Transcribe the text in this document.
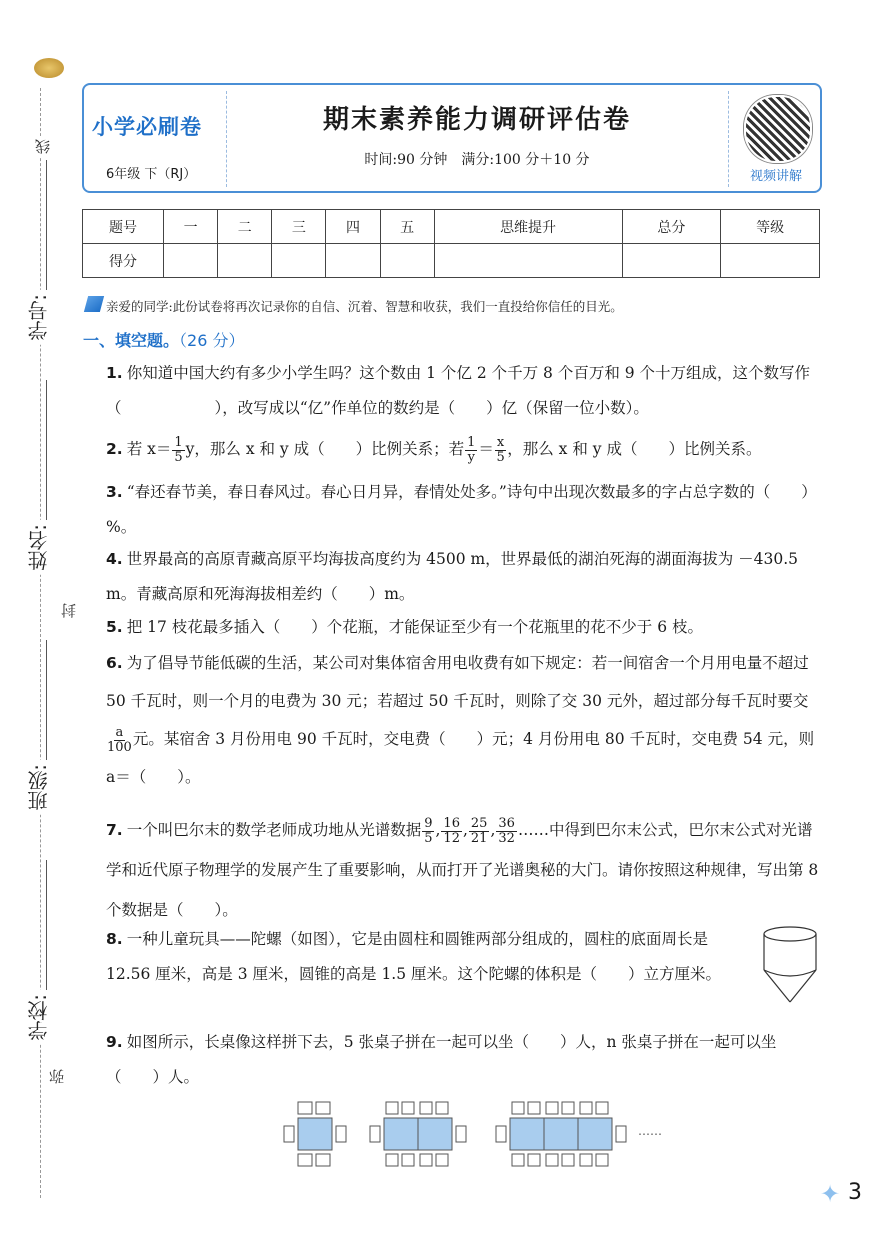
线
学号:
姓名:
封
班级:
学校:
弥
小学必刷卷
6年级 下（RJ）
期末素养能力调研评估卷
时间:90 分钟　满分:100 分＋10 分
视频讲解
题号	一	二	三	四	五	思维提升	总分	等级
得分								
亲爱的同学:此份试卷将再次记录你的自信、沉着、智慧和收获，我们一直投给你信任的目光。
一、填空题。（26 分）
1. 你知道中国大约有多少小学生吗？这个数由 1 个亿 2 个千万 8 个百万和 9 个十万组成，这个数写作（　　　　　　），改写成以“亿”作单位的数约是（　　）亿（保留一位小数）。
2. 若 $x= \frac{1}{5}$ y，那么 x 和 y 成（　　）比例关系；若 $\frac{1}{y} = \frac{x}{5}$ ，那么 x 和 y 成（　　）比例关系。
3. “春还春节美，春日春风过。春心日月异，春情处处多。”诗句中出现次数最多的字占总字数的（　　）%。
4. 世界最高的高原青藏高原平均海拔高度约为 4500 m，世界最低的湖泊死海的湖面海拔为 －430.5 m。青藏高原和死海海拔相差约（　　）m。
5. 把 17 枝花最多插入（　　）个花瓶，才能保证至少有一个花瓶里的花不少于 6 枝。
6. 为了倡导节能低碳的生活，某公司对集体宿舍用电收费有如下规定：若一间宿舍一个月用电量不超过 50 千瓦时，则一个月的电费为 30 元；若超过 50 千瓦时，则除了交 30 元外，超过部分每千瓦时要交
$\frac{a}{100}$ 元。某宿舍 3 月份用电 90 千瓦时，交电费（　　）元；4 月份用电 80 千瓦时，交电费 54 元，则 a＝（　　）。
7. 一个叫巴尔末的数学老师成功地从光谱数据 $\frac{9}{5}$ , $\frac{16}{12}$ , $\frac{25}{21}$ , $\frac{36}{32}$ ……中得到巴尔末公式，巴尔末公式对光谱学和近代原子物理学的发展产生了重要影响，从而打开了光谱奥秘的大门。请你按照这种规律，写出第 8 个数据是（　　）。
8. 一种儿童玩具——陀螺（如图），它是由圆柱和圆锥两部分组成的，圆柱的底面周长是 12.56 厘米，高是 3 厘米，圆锥的高是 1.5 厘米。这个陀螺的体积是（　　）立方厘米。
9. 如图所示，长桌像这样拼下去，5 张桌子拼在一起可以坐（　　）人，n 张桌子拼在一起可以坐（　　）人。
……
✦ 3
